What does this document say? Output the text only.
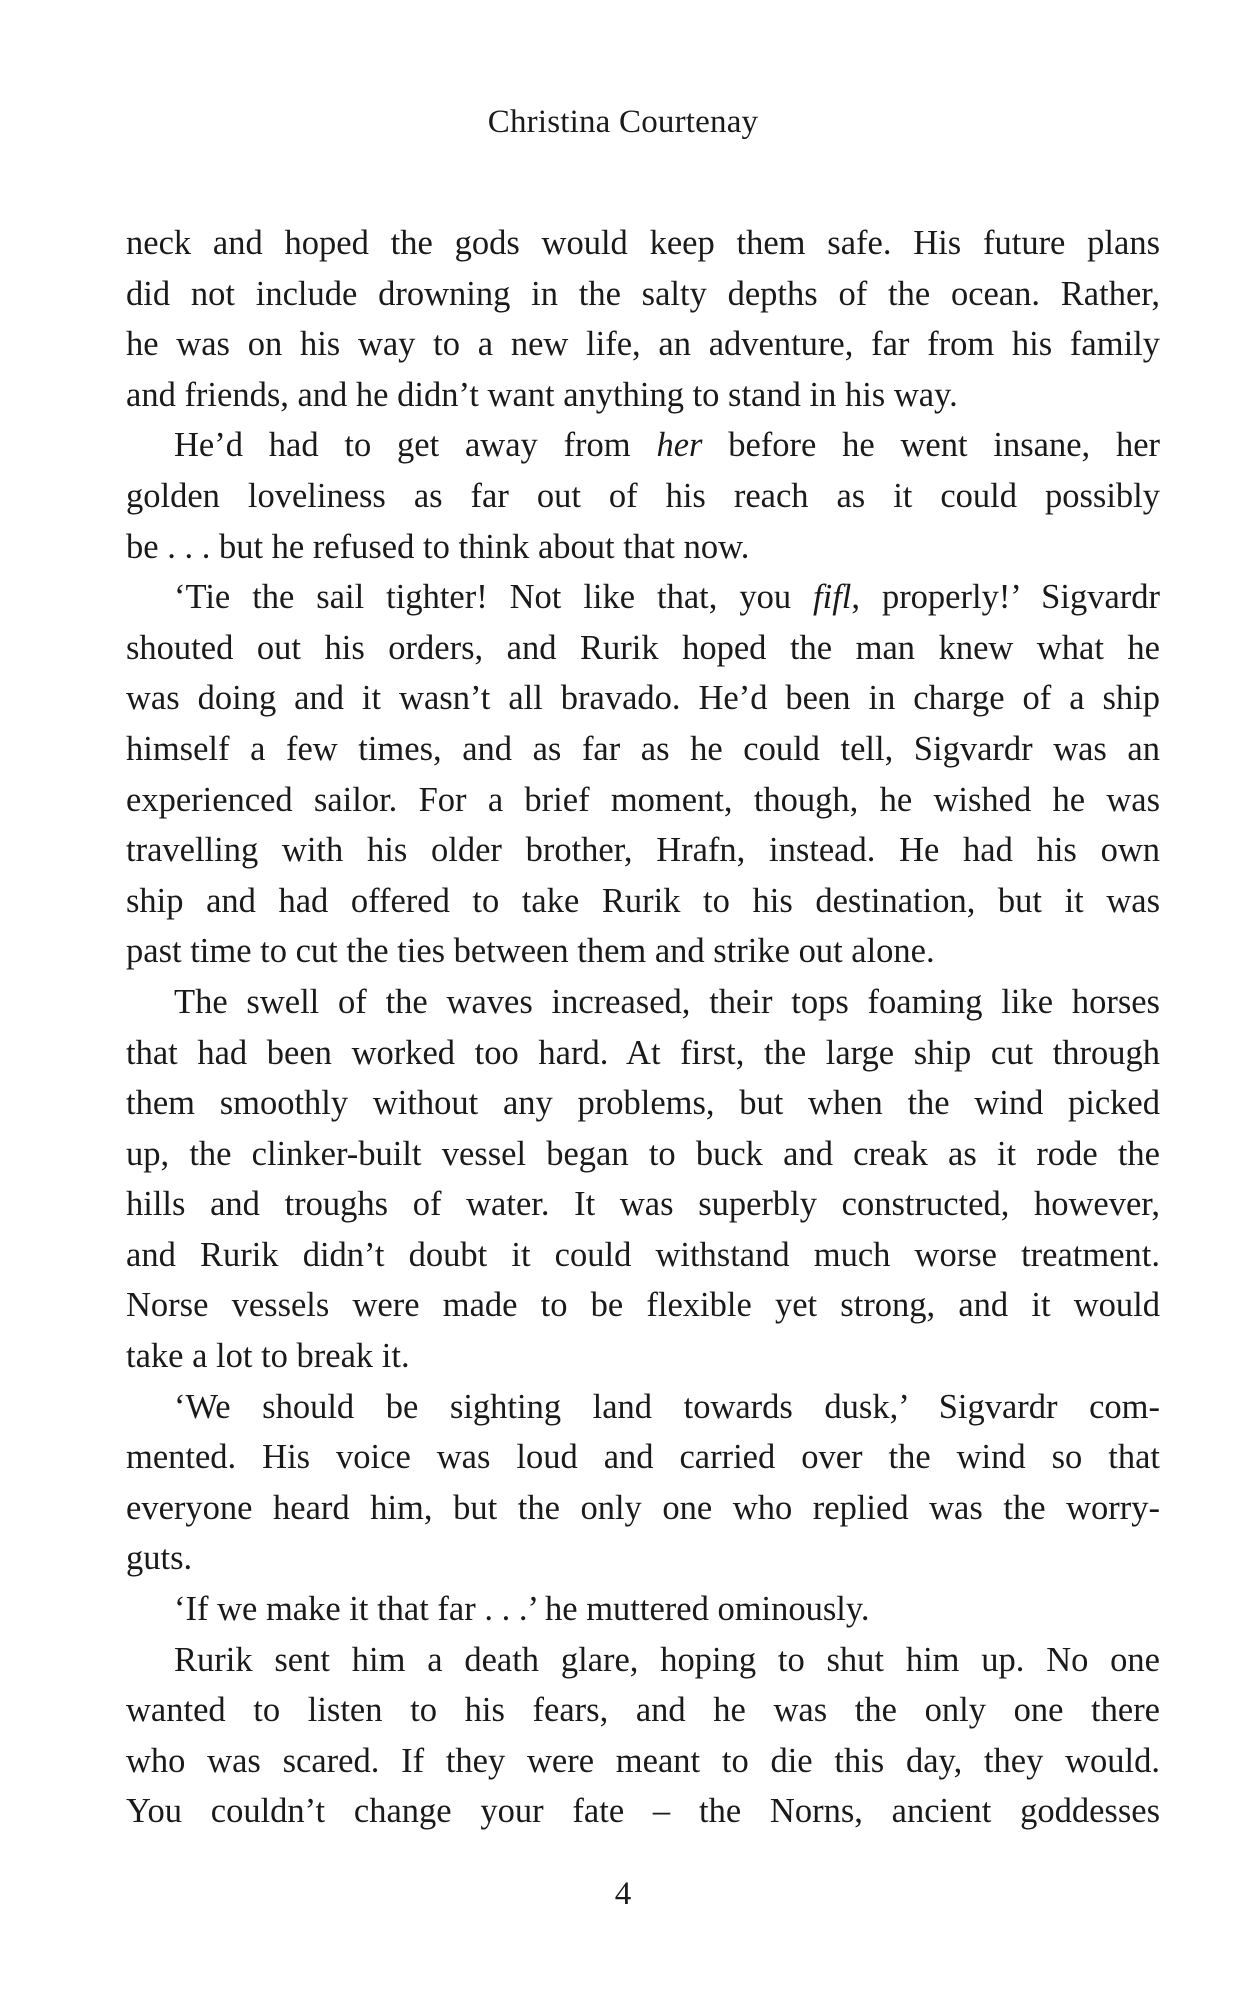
Christina Courtenay

neck and hoped the gods would keep them safe. His future plans
did not include drowning in the salty depths of the ocean. Rather,
he was on his way to a new life, an adventure, far from his family
and friends, and he didn’t want anything to stand in his way.

He’d had to get away from her before he went insane, her
golden loveliness as far out of his reach as it could possibly
be . . . but he refused to think about that now.

‘Tie the sail tighter! Not like that, you fifl, properly!’ Sigvardr
shouted out his orders, and Rurik hoped the man knew what he
was doing and it wasn’t all bravado. He’d been in charge of a ship
himself a few times, and as far as he could tell, Sigvardr was an
experienced sailor. For a brief moment, though, he wished he was
travelling with his older brother, Hrafn, instead. He had his own
ship and had offered to take Rurik to his destination, but it was
past time to cut the ties between them and strike out alone.

The swell of the waves increased, their tops foaming like horses
that had been worked too hard. At first, the large ship cut through
them smoothly without any problems, but when the wind picked
up, the clinker-built vessel began to buck and creak as it rode the
hills and troughs of water. It was superbly constructed, however,
and Rurik didn’t doubt it could withstand much worse treatment.
Norse vessels were made to be flexible yet strong, and it would
take a lot to break it.

‘We should be sighting land towards dusk,’ Sigvardr com-
mented. His voice was loud and carried over the wind so that
everyone heard him, but the only one who replied was the worry-
guts.

‘If we make it that far . . .’ he muttered ominously.

Rurik sent him a death glare, hoping to shut him up. No one
wanted to listen to his fears, and he was the only one there
who was scared. If they were meant to die this day, they would.
You couldn’t change your fate – the Norns, ancient goddesses

4
